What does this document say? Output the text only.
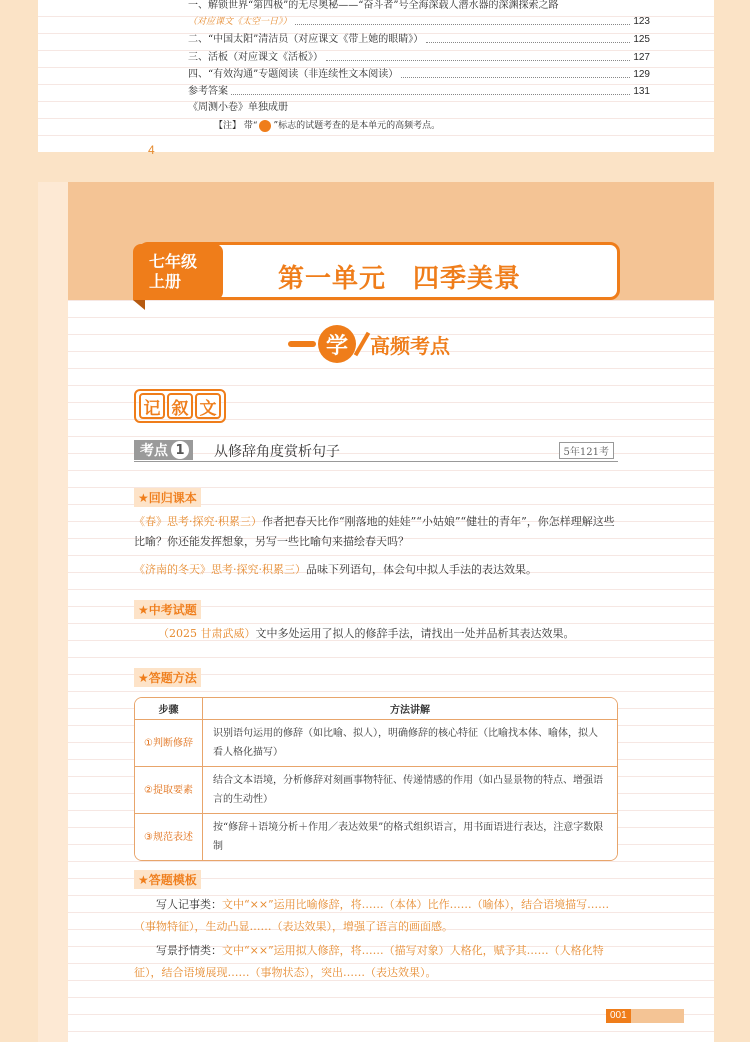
一、解锁世界“第四极”的无尽奥秘——“奋斗者”号全海深载人潜水器的深渊探索之路
（对应课文《太空一日》）	123
二、“中国太阳”清洁员（对应课文《带上她的眼睛》）	125
三、活板（对应课文《活板》）	127
四、“有效沟通”专题阅读（非连续性文本阅读）	129
参考答案	131
《周测小卷》单独成册
【注】 带“ ”标志的试题考查的是本单元的高频考点。
4
七年级
上册	第一单元　四季美景
学	高频考点
记 叙 文
考点 1	从修辞角度赏析句子	5年121考
★回归课本
《春》思考·探究·积累三）作者把春天比作“刚落地的娃娃”“小姑娘”“健壮的青年”，你怎样理解这些比喻？你还能发挥想象，另写一些比喻句来描绘春天吗？
《济南的冬天》思考·探究·积累三）品味下列语句，体会句中拟人手法的表达效果。
★中考试题
（2025 甘肃武威）文中多处运用了拟人的修辞手法，请找出一处并品析其表达效果。
★答题方法
步骤	方法讲解
①判断修辞	识别语句运用的修辞（如比喻、拟人），明确修辞的核心特征（比喻找本体、喻体，拟人看人格化描写）
②提取要素	结合文本语境，分析修辞对刻画事物特征、传递情感的作用（如凸显景物的特点、增强语言的生动性）
③规范表述	按“修辞＋语境分析＋作用／表达效果”的格式组织语言，用书面语进行表达，注意字数限制
★答题模板
写人记事类：文中“××”运用比喻修辞，将……（本体）比作……（喻体），结合语境描写……（事物特征），生动凸显……（表达效果），增强了语言的画面感。
写景抒情类：文中“××”运用拟人修辞，将……（描写对象）人格化，赋予其……（人格化特征），结合语境展现……（事物状态），突出……（表达效果）。
001
